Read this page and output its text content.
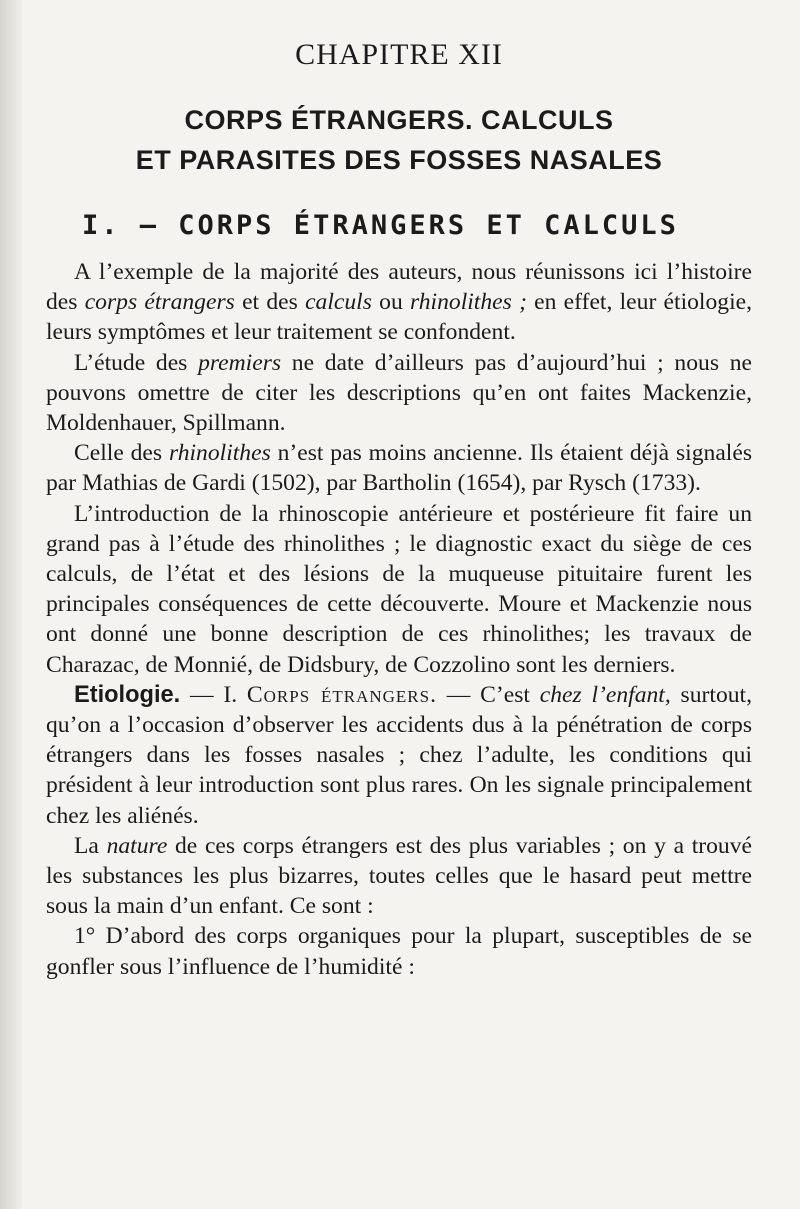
CHAPITRE XII
CORPS ÉTRANGERS. CALCULS
ET PARASITES DES FOSSES NASALES
I. — CORPS ÉTRANGERS ET CALCULS

A l’exemple de la majorité des auteurs, nous réunissons ici l’histoire des corps étrangers et des calculs ou rhinolithes ; en effet, leur étiologie, leurs symptômes et leur traitement se confondent.

L’étude des premiers ne date d’ailleurs pas d’aujourd’hui ; nous ne pouvons omettre de citer les descriptions qu’en ont faites Mackenzie, Moldenhauer, Spillmann.

Celle des rhinolithes n’est pas moins ancienne. Ils étaient déjà signalés par Mathias de Gardi (1502), par Bartholin (1654), par Rysch (1733).

L’introduction de la rhinoscopie antérieure et postérieure fit faire un grand pas à l’étude des rhinolithes ; le diagnostic exact du siège de ces calculs, de l’état et des lésions de la muqueuse pituitaire furent les principales conséquences de cette découverte. Moure et Mackenzie nous ont donné une bonne description de ces rhinolithes; les travaux de Charazac, de Monnié, de Didsbury, de Cozzolino sont les derniers.

Etiologie. — I. Corps étrangers. — C’est chez l’enfant, surtout, qu’on a l’occasion d’observer les accidents dus à la pénétration de corps étrangers dans les fosses nasales ; chez l’adulte, les conditions qui président à leur introduction sont plus rares. On les signale principalement chez les aliénés.

La nature de ces corps étrangers est des plus variables ; on y a trouvé les substances les plus bizarres, toutes celles que le hasard peut mettre sous la main d’un enfant. Ce sont :

1° D’abord des corps organiques pour la plupart, susceptibles de se gonfler sous l’influence de l’humidité :
